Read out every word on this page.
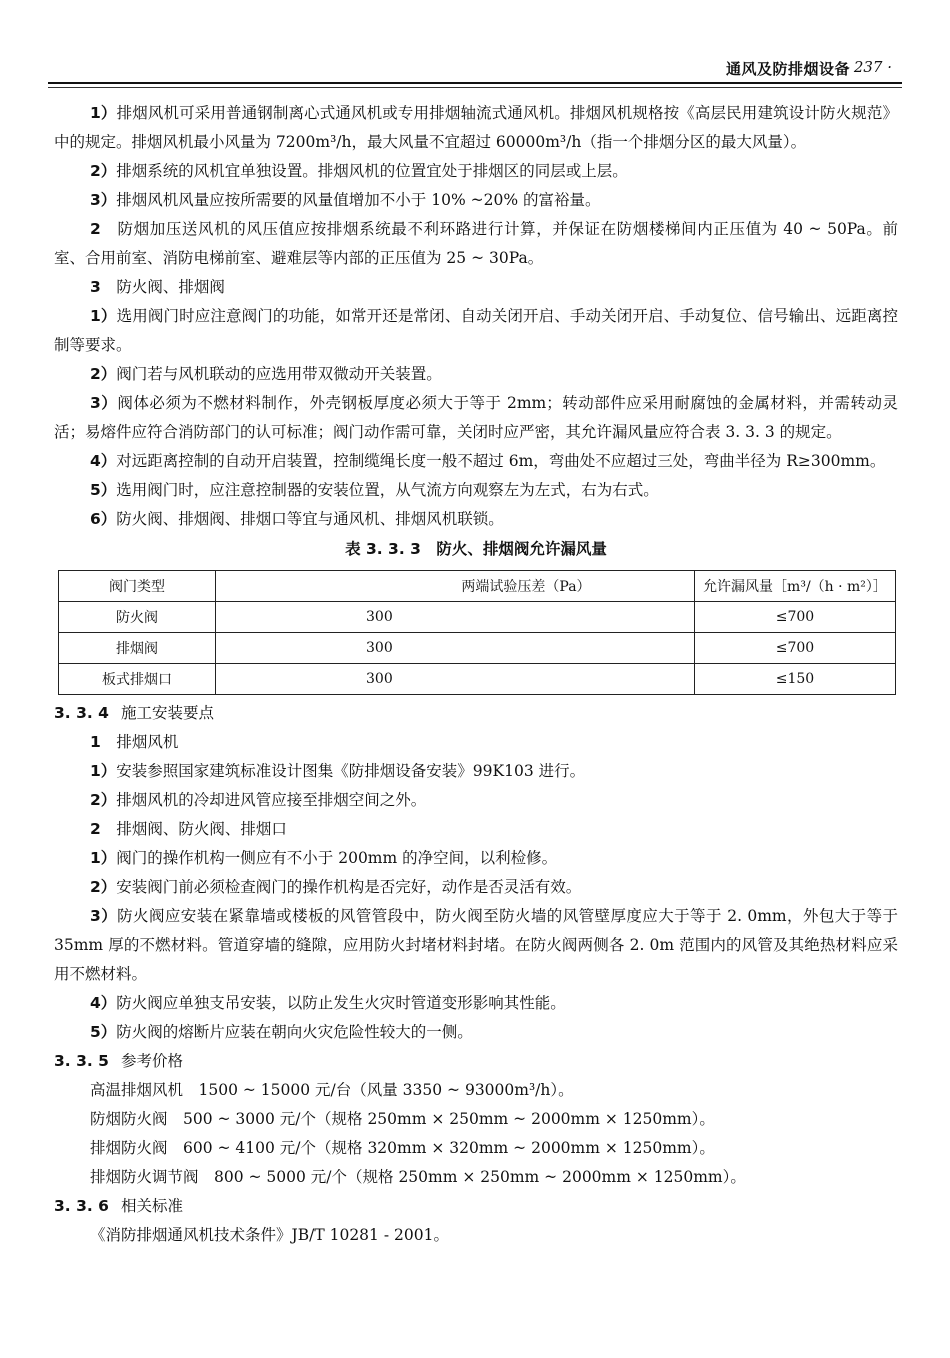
通风及防排烟设备
· 237 ·

1）排烟风机可采用普通钢制离心式通风机或专用排烟轴流式通风机。排烟风机规格按《高层民用建筑设计防火规范》中的规定。排烟风机最小风量为 7200m³/h，最大风量不宜超过 60000m³/h（指一个排烟分区的最大风量）。

2）排烟系统的风机宜单独设置。排烟风机的位置宜处于排烟区的同层或上层。

3）排烟风机风量应按所需要的风量值增加不小于 10% ~20% 的富裕量。

2　 防烟加压送风机的风压值应按排烟系统最不利环路进行计算，并保证在防烟楼梯间内正压值为 40 ~ 50Pa。前室、合用前室、消防电梯前室、避难层等内部的正压值为 25 ~ 30Pa。

3　 防火阀、排烟阀

1）选用阀门时应注意阀门的功能，如常开还是常闭、自动关闭开启、手动关闭开启、手动复位、信号输出、远距离控制等要求。

2）阀门若与风机联动的应选用带双微动开关装置。

3）阀体必须为不燃材料制作，外壳钢板厚度必须大于等于 2mm；转动部件应采用耐腐蚀的金属材料，并需转动灵活；易熔件应符合消防部门的认可标准；阀门动作需可靠，关闭时应严密，其允许漏风量应符合表 3. 3. 3 的规定。

4）对远距离控制的自动开启装置，控制缆绳长度一般不超过 6m，弯曲处不应超过三处，弯曲半径为 R≥300mm。

5）选用阀门时，应注意控制器的安装位置，从气流方向观察左为左式，右为右式。

6）防火阀、排烟阀、排烟口等宜与通风机、排烟风机联锁。

表 3. 3. 3　防火、排烟阀允许漏风量

阀门类型	两端试验压差（Pa）	允许漏风量［m³/（h · m²）］
防火阀	300	≤700
排烟阀	300	≤700
板式排烟口	300	≤150

3. 3. 4 施工安装要点

1　 排烟风机

1）安装参照国家建筑标准设计图集《防排烟设备安装》99K103 进行。

2）排烟风机的冷却进风管应接至排烟空间之外。

2　 排烟阀、防火阀、排烟口

1）阀门的操作机构一侧应有不小于 200mm 的净空间，以利检修。

2）安装阀门前必须检查阀门的操作机构是否完好，动作是否灵活有效。

3）防火阀应安装在紧靠墙或楼板的风管管段中，防火阀至防火墙的风管壁厚度应大于等于 2. 0mm，外包大于等于 35mm 厚的不燃材料。管道穿墙的缝隙，应用防火封堵材料封堵。在防火阀两侧各 2. 0m 范围内的风管及其绝热材料应采用不燃材料。

4）防火阀应单独支吊安装，以防止发生火灾时管道变形影响其性能。

5）防火阀的熔断片应装在朝向火灾危险性较大的一侧。

3. 3. 5 参考价格

高温排烟风机　1500 ~ 15000 元/台（风量 3350 ~ 93000m³/h）。

防烟防火阀　500 ~ 3000 元/个（规格 250mm × 250mm ~ 2000mm × 1250mm）。

排烟防火阀　600 ~ 4100 元/个（规格 320mm × 320mm ~ 2000mm × 1250mm）。

排烟防火调节阀　800 ~ 5000 元/个（规格 250mm × 250mm ~ 2000mm × 1250mm）。

3. 3. 6 相关标准

《消防排烟通风机技术条件》JB/T 10281 - 2001。
